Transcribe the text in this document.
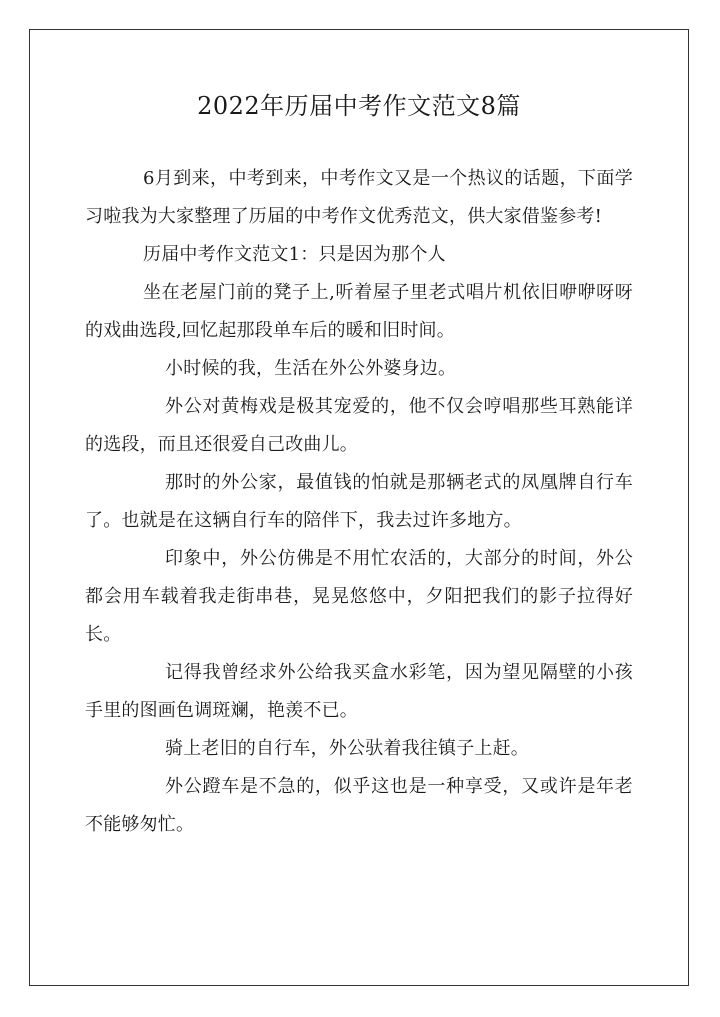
2022年历届中考作文范文8篇

6月到来，中考到来，中考作文又是一个热议的话题，下面学习啦我为大家整理了历届的中考作文优秀范文，供大家借鉴参考!

历届中考作文范文1：只是因为那个人

坐在老屋门前的凳子上,听着屋子里老式唱片机依旧咿咿呀呀的戏曲选段,回忆起那段单车后的暖和旧时间。

小时候的我，生活在外公外婆身边。

外公对黄梅戏是极其宠爱的，他不仅会哼唱那些耳熟能详的选段，而且还很爱自己改曲儿。

那时的外公家，最值钱的怕就是那辆老式的凤凰牌自行车了。也就是在这辆自行车的陪伴下，我去过许多地方。

印象中，外公仿佛是不用忙农活的，大部分的时间，外公都会用车载着我走街串巷，晃晃悠悠中，夕阳把我们的影子拉得好长。

记得我曾经求外公给我买盒水彩笔，因为望见隔壁的小孩手里的图画色调斑斓，艳羡不已。

骑上老旧的自行车，外公驮着我往镇子上赶。

外公蹬车是不急的，似乎这也是一种享受，又或许是年老不能够匆忙。
